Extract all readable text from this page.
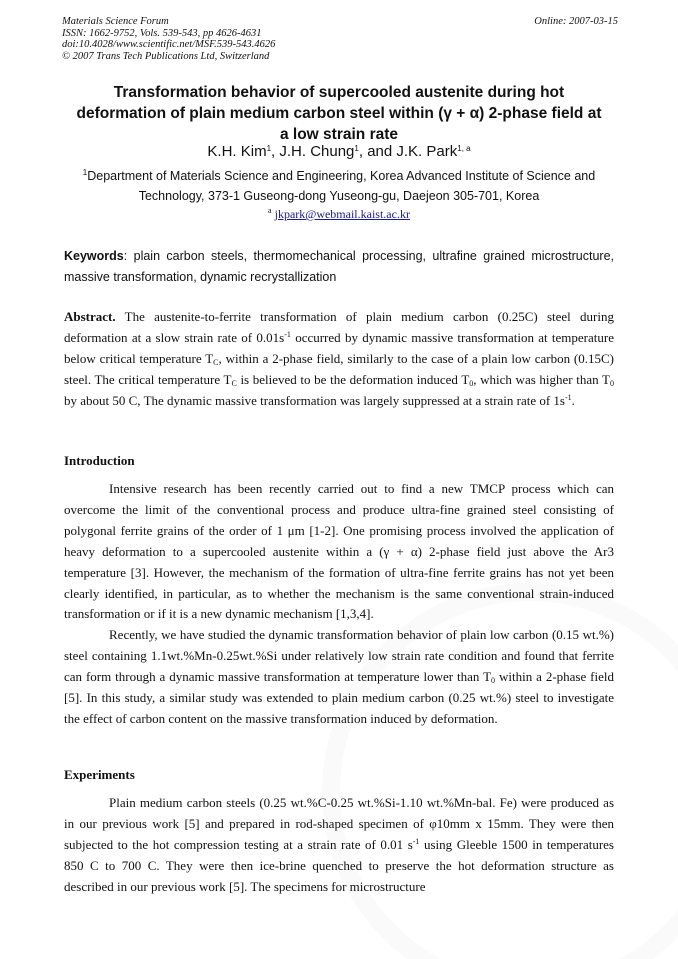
Materials Science Forum
ISSN: 1662-9752, Vols. 539-543, pp 4626-4631
doi:10.4028/www.scientific.net/MSF.539-543.4626
© 2007 Trans Tech Publications Ltd, Switzerland
Online: 2007-03-15
Transformation behavior of supercooled austenite during hot
deformation of plain medium carbon steel within (γ + α) 2-phase field at
a low strain rate
K.H. Kim$^1$, J.H. Chung$^1$, and J.K. Park$^{1, a}$
$^1$Department of Materials Science and Engineering, Korea Advanced Institute of Science and
Technology, 373-1 Guseong-dong Yuseong-gu, Daejeon 305-701, Korea
$^a$ jkpark@webmail.kaist.ac.kr
Keywords: plain carbon steels, thermomechanical processing, ultrafine grained microstructure,
massive transformation, dynamic recrystallization

Abstract. The austenite-to-ferrite transformation of plain medium carbon (0.25C) steel during deformation at a slow strain rate of $0.01s^{-1}$ occurred by dynamic massive transformation at temperature below critical temperature $T_C$, within a 2-phase field, similarly to the case of a plain low carbon (0.15C) steel. The critical temperature $T_C$ is believed to be the deformation induced $T_0$, which was higher than $T_0$ by about 50 C, The dynamic massive transformation was largely suppressed at a strain rate of $1s^{-1}$.

Introduction

Intensive research has been recently carried out to find a new TMCP process which can overcome the limit of the conventional process and produce ultra-fine grained steel consisting of polygonal ferrite grains of the order of 1 μm [1-2]. One promising process involved the application of heavy deformation to a supercooled austenite within a (γ + α) 2-phase field just above the Ar3 temperature [3]. However, the mechanism of the formation of ultra-fine ferrite grains has not yet been clearly identified, in particular, as to whether the mechanism is the same conventional strain-induced transformation or if it is a new dynamic mechanism [1,3,4].

Recently, we have studied the dynamic transformation behavior of plain low carbon (0.15 wt.%) steel containing 1.1wt.%Mn-0.25wt.%Si under relatively low strain rate condition and found that ferrite can form through a dynamic massive transformation at temperature lower than $T_0$ within a 2-phase field [5]. In this study, a similar study was extended to plain medium carbon (0.25 wt.%) steel to investigate the effect of carbon content on the massive transformation induced by deformation.

Experiments

Plain medium carbon steels (0.25 wt.%C-0.25 wt.%Si-1.10 wt.%Mn-bal. Fe) were produced as in our previous work [5] and prepared in rod-shaped specimen of φ10mm x 15mm. They were then subjected to the hot compression testing at a strain rate of 0.01 $s^{-1}$ using Gleeble 1500 in temperatures 850 C to 700 C. They were then ice-brine quenched to preserve the hot deformation structure as described in our previous work [5]. The specimens for microstructure
